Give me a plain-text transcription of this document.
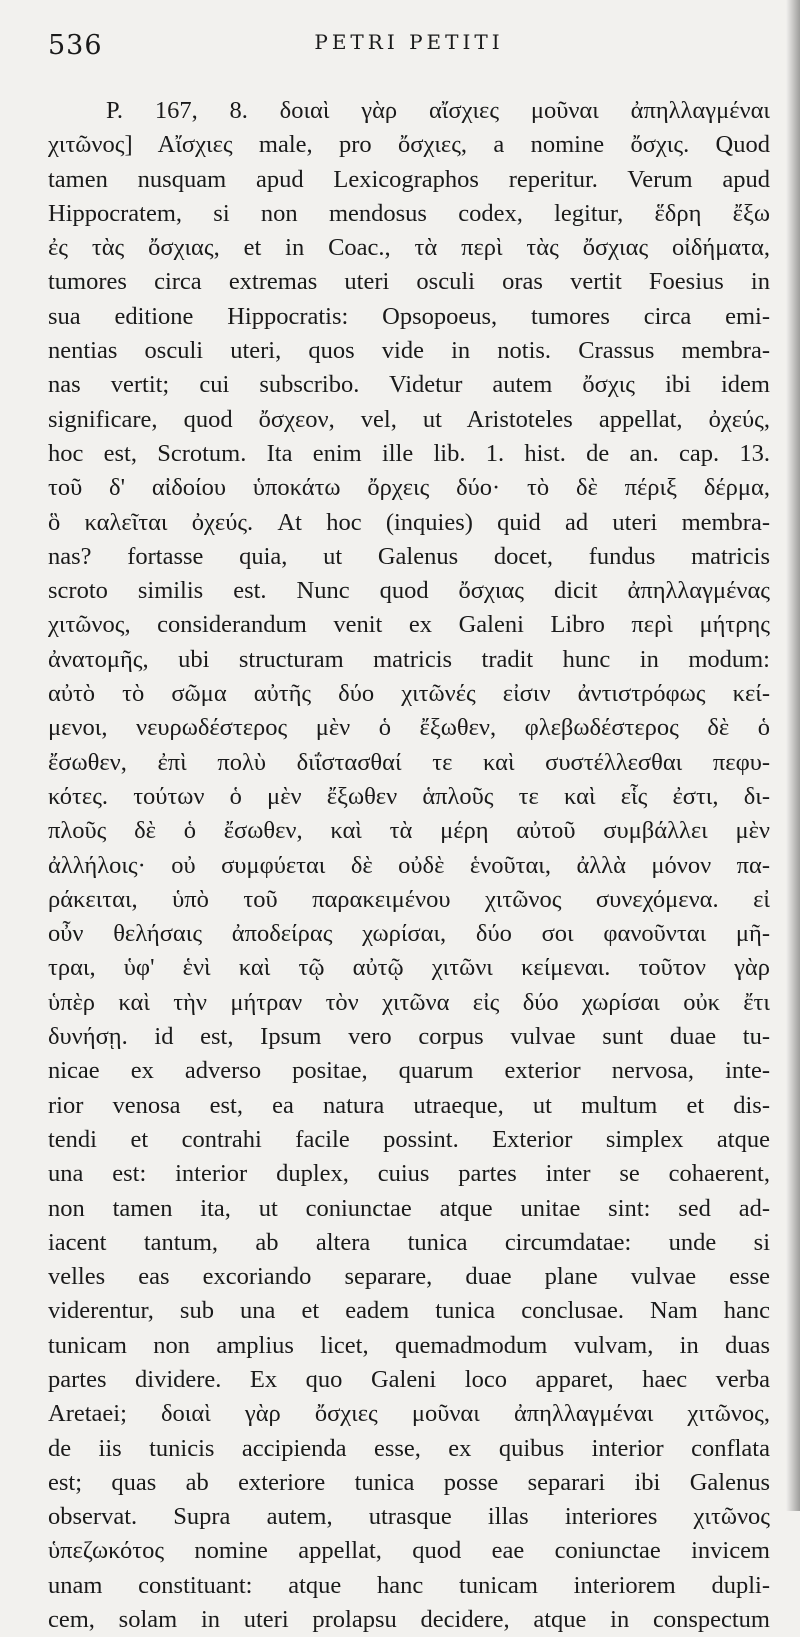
536	PETRI PETITI
P. 167, 8. δοιαὶ γὰρ αἴσχιες μοῦναι ἀπηλλαγμέναι
χιτῶνος] Αἴσχιες male, pro ὄσχιες, a nomine ὄσχις. Quod
tamen nusquam apud Lexicographos reperitur. Verum apud
Hippocratem, si non mendosus codex, legitur, ἕδρη ἔξω
ἐς τὰς ὄσχιας, et in Coac., τὰ περὶ τὰς ὄσχιας οἰδήματα,
tumores circa extremas uteri osculi oras vertit Foesius in
sua editione Hippocratis: Opsopoeus, tumores circa emi-
nentias osculi uteri, quos vide in notis. Crassus membra-
nas vertit; cui subscribo. Videtur autem ὄσχις ibi idem
significare, quod ὄσχεον, vel, ut Aristoteles appellat, ὀχεύς,
hoc est, Scrotum. Ita enim ille lib. 1. hist. de an. cap. 13.
τοῦ δ' αἰδοίου ὑποκάτω ὄρχεις δύο· τὸ δὲ πέριξ δέρμα,
ὃ καλεῖται ὀχεύς. At hoc (inquies) quid ad uteri membra-
nas? fortasse quia, ut Galenus docet, fundus matricis
scroto similis est. Nunc quod ὄσχιας dicit ἀπηλλαγμένας
χιτῶνος, considerandum venit ex Galeni Libro περὶ μήτρης
ἀνατομῆς, ubi structuram matricis tradit hunc in modum:
αὐτὸ τὸ σῶμα αὐτῆς δύο χιτῶνές εἰσιν ἀντιστρόφως κεί-
μενοι, νευρωδέστερος μὲν ὁ ἔξωθεν, φλεβωδέστερος δὲ ὁ
ἔσωθεν, ἐπὶ πολὺ διΐστασθαί τε καὶ συστέλλεσθαι πεφυ-
κότες. τούτων ὁ μὲν ἔξωθεν ἁπλοῦς τε καὶ εἷς ἐστι, δι-
πλοῦς δὲ ὁ ἔσωθεν, καὶ τὰ μέρη αὐτοῦ συμβάλλει μὲν
ἀλλήλοις· οὐ συμφύεται δὲ οὐδὲ ἑνοῦται, ἀλλὰ μόνον πα-
ράκειται, ὑπὸ τοῦ παρακειμένου χιτῶνος συνεχόμενα. εἰ
οὖν θελήσαις ἀποδείρας χωρίσαι, δύο σοι φανοῦνται μῆ-
τραι, ὑφ' ἑνὶ καὶ τῷ αὐτῷ χιτῶνι κείμεναι. τοῦτον γὰρ
ὑπὲρ καὶ τὴν μήτραν τὸν χιτῶνα εἰς δύο χωρίσαι οὐκ ἔτι
δυνήσῃ. id est, Ipsum vero corpus vulvae sunt duae tu-
nicae ex adverso positae, quarum exterior nervosa, inte-
rior venosa est, ea natura utraeque, ut multum et dis-
tendi et contrahi facile possint. Exterior simplex atque
una est: interior duplex, cuius partes inter se cohaerent,
non tamen ita, ut coniunctae atque unitae sint: sed ad-
iacent tantum, ab altera tunica circumdatae: unde si
velles eas excoriando separare, duae plane vulvae esse
viderentur, sub una et eadem tunica conclusae. Nam hanc
tunicam non amplius licet, quemadmodum vulvam, in duas
partes dividere. Ex quo Galeni loco apparet, haec verba
Aretaei; δοιαὶ γὰρ ὄσχιες μοῦναι ἀπηλλαγμέναι χιτῶνος,
de iis tunicis accipienda esse, ex quibus interior conflata
est; quas ab exteriore tunica posse separari ibi Galenus
observat. Supra autem, utrasque illas interiores χιτῶνος
ὑπεζωκότος nomine appellat, quod eae coniunctae invicem
unam constituant: atque hanc tunicam interiorem dupli-
cem, solam in uteri prolapsu decidere, atque in conspectum
